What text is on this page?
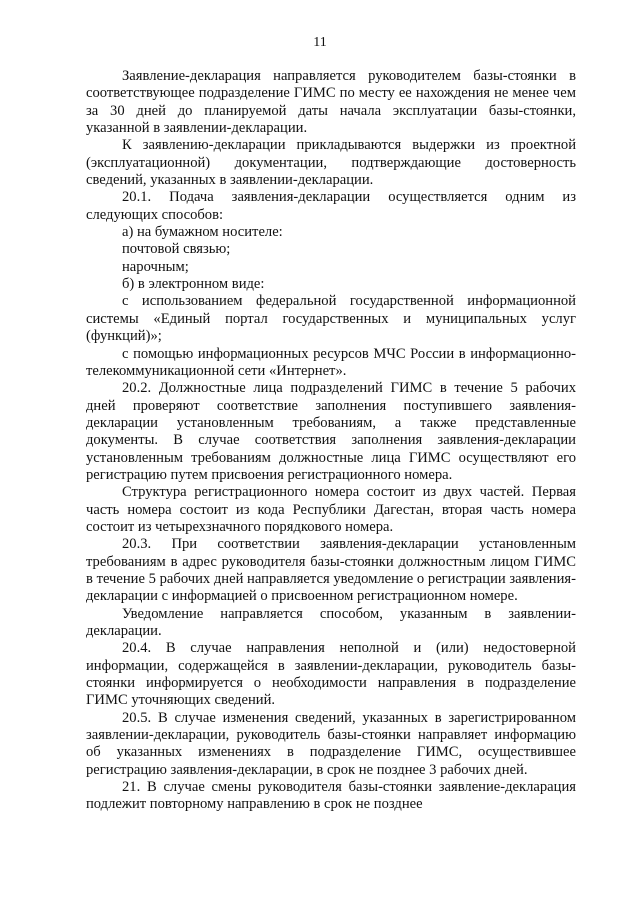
11

Заявление-декларация направляется руководителем базы-стоянки в соответствующее подразделение ГИМС по месту ее нахождения не менее чем за 30 дней до планируемой даты начала эксплуатации базы-стоянки, указанной в заявлении-декларации.

К заявлению-декларации прикладываются выдержки из проектной (эксплуатационной) документации, подтверждающие достоверность сведений, указанных в заявлении-декларации.

20.1. Подача заявления-декларации осуществляется одним из следующих способов:

а) на бумажном носителе:

почтовой связью;

нарочным;

б) в электронном виде:

с использованием федеральной государственной информационной системы «Единый портал государственных и муниципальных услуг (функций)»;

с помощью информационных ресурсов МЧС России в информационно-телекоммуникационной сети «Интернет».

20.2. Должностные лица подразделений ГИМС в течение 5 рабочих дней проверяют соответствие заполнения поступившего заявления-декларации установленным требованиям, а также представленные документы. В случае соответствия заполнения заявления-декларации установленным требованиям должностные лица ГИМС осуществляют его регистрацию путем присвоения регистрационного номера.

Структура регистрационного номера состоит из двух частей. Первая часть номера состоит из кода Республики Дагестан, вторая часть номера состоит из четырехзначного порядкового номера.

20.3. При соответствии заявления-декларации установленным требованиям в адрес руководителя базы-стоянки должностным лицом ГИМС в течение 5 рабочих дней направляется уведомление о регистрации заявления-декларации с информацией о присвоенном регистрационном номере.

Уведомление направляется способом, указанным в заявлении-декларации.

20.4. В случае направления неполной и (или) недостоверной информации, содержащейся в заявлении-декларации, руководитель базы-стоянки информируется о необходимости направления в подразделение ГИМС уточняющих сведений.

20.5. В случае изменения сведений, указанных в зарегистрированном заявлении-декларации, руководитель базы-стоянки направляет информацию об указанных изменениях в подразделение ГИМС, осуществившее регистрацию заявления-декларации, в срок не позднее 3 рабочих дней.

21. В случае смены руководителя базы-стоянки заявление-декларация подлежит повторному направлению в срок не позднее
